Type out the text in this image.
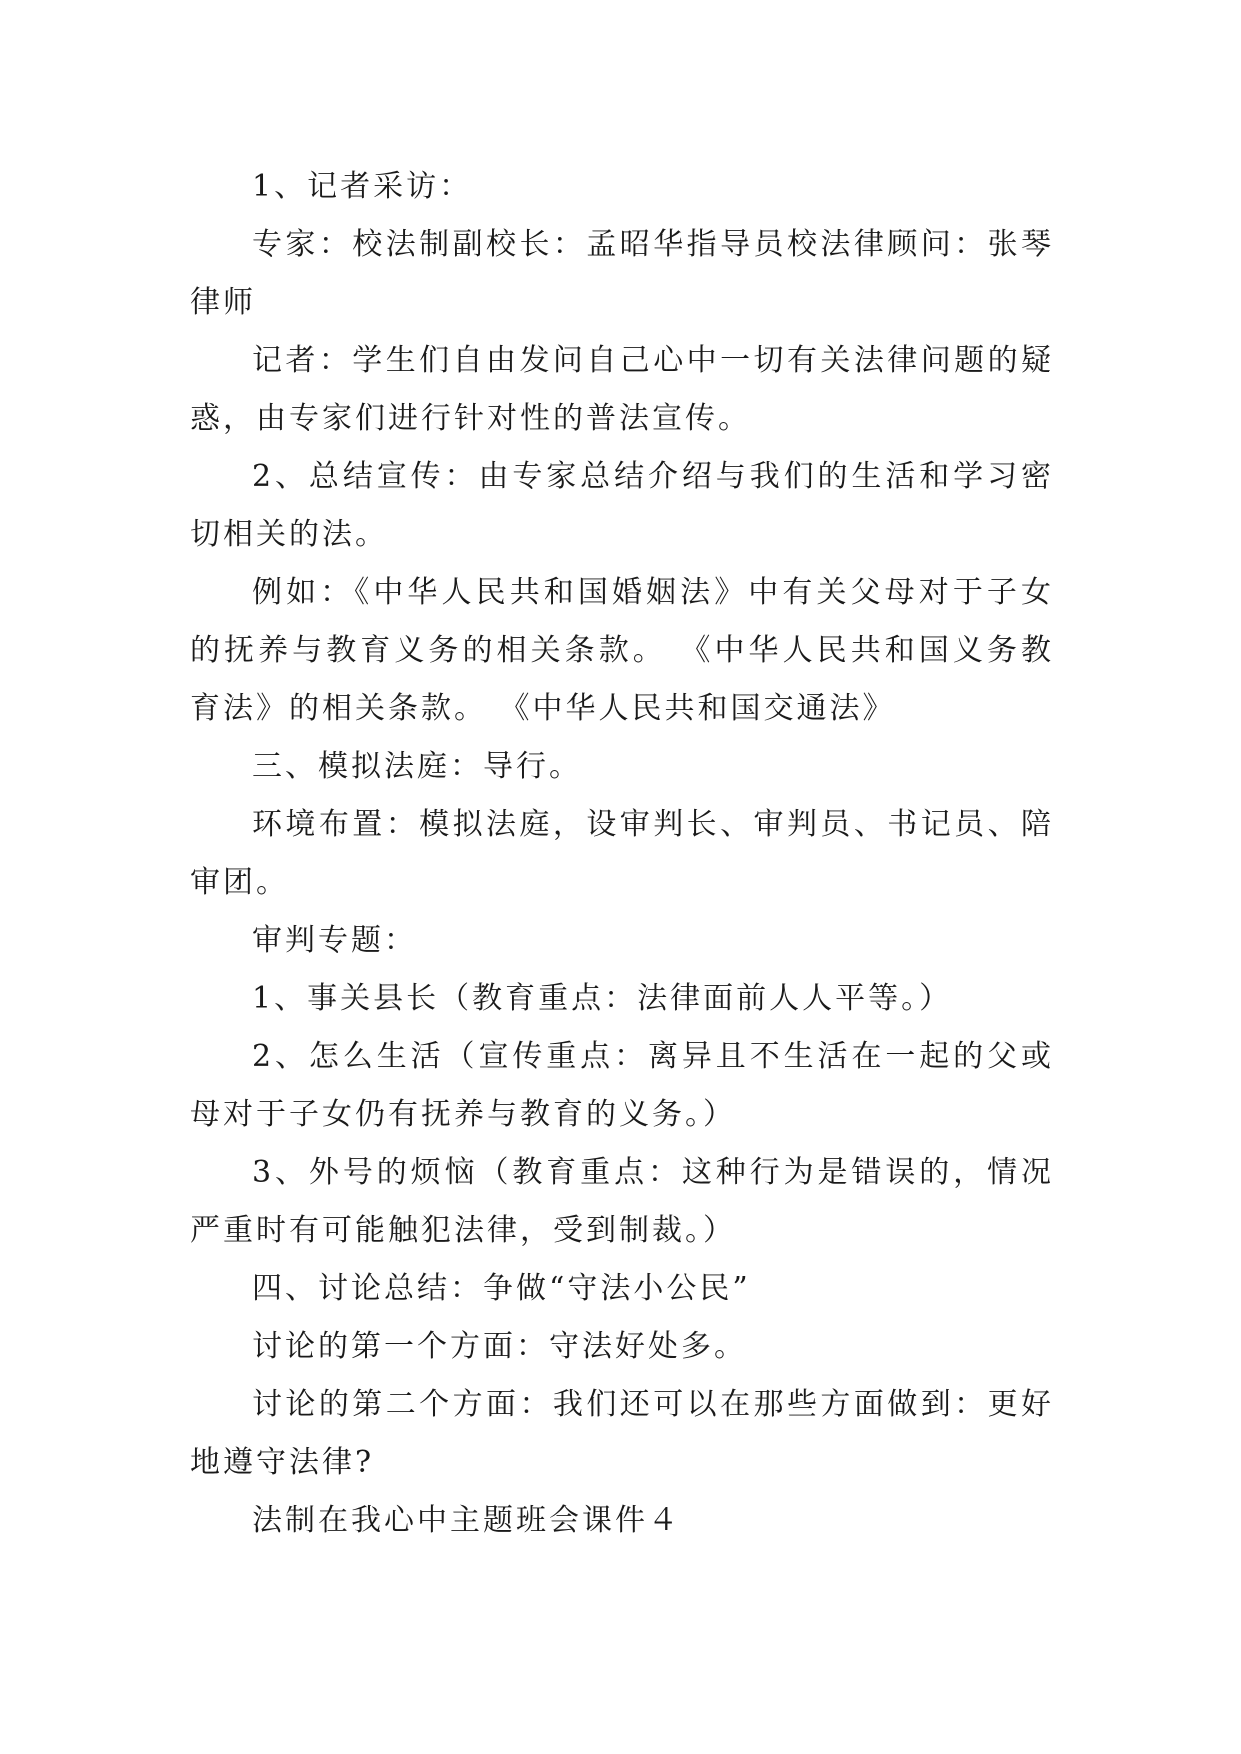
1、记者采访：

专家：校法制副校长：孟昭华指导员校法律顾问：张琴律师

记者：学生们自由发问自己心中一切有关法律问题的疑惑，由专家们进行针对性的普法宣传。

2、总结宣传：由专家总结介绍与我们的生活和学习密切相关的法。

例如：《中华人民共和国婚姻法》中有关父母对于子女的抚养与教育义务的相关条款。 《中华人民共和国义务教育法》的相关条款。 《中华人民共和国交通法》

三、模拟法庭：导行。

环境布置：模拟法庭，设审判长、审判员、书记员、陪审团。

审判专题：

1、事关县长（教育重点：法律面前人人平等。）

2、怎么生活（宣传重点：离异且不生活在一起的父或母对于子女仍有抚养与教育的义务。）

3、外号的烦恼（教育重点：这种行为是错误的，情况严重时有可能触犯法律，受到制裁。）

四、讨论总结：争做“守法小公民”

讨论的第一个方面：守法好处多。

讨论的第二个方面：我们还可以在那些方面做到：更好地遵守法律?

法制在我心中主题班会课件４
